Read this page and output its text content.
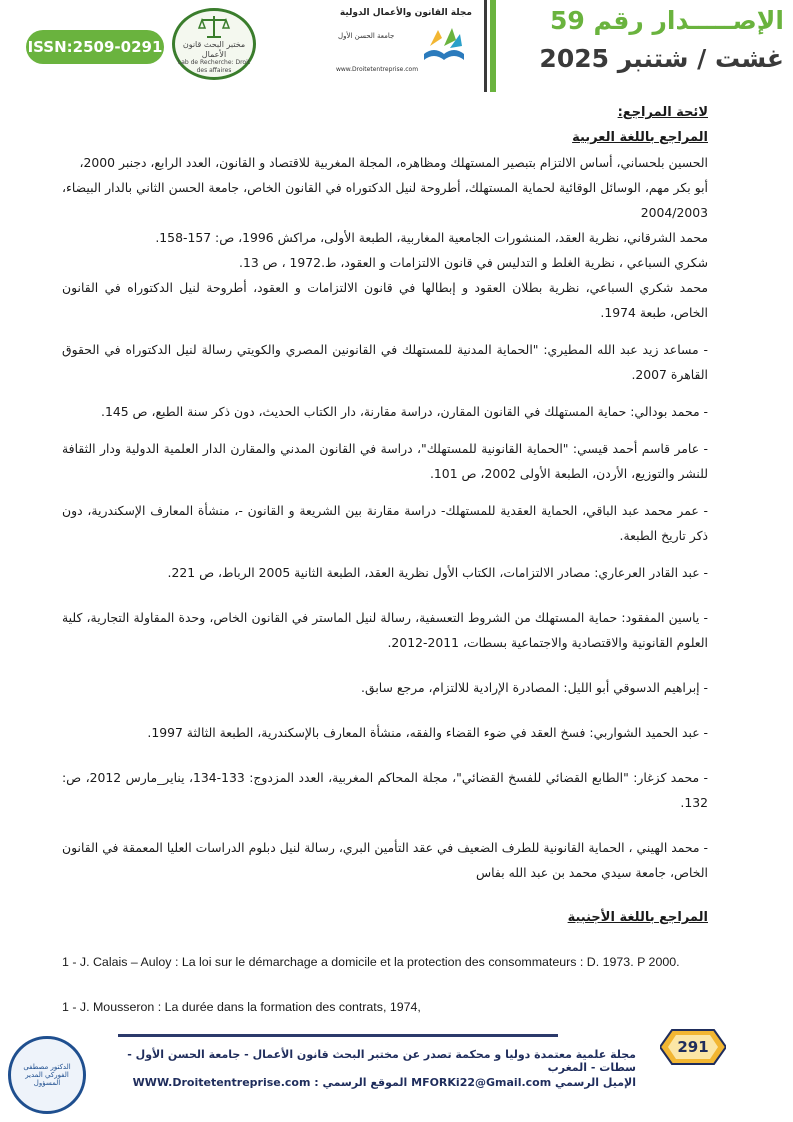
ISSN:2509-0291	مختبر البحث قانون الأعمال
Lab de Recherche: Droit des affaires
مجلة القانون والأعمال الدولية
جامعة الحسن الأول
www.Droitetentreprise.com
الإصـــــدار رقم 59
غشت / شتنبر 2025

لائحة المراجع:

المراجع باللغة العربية

الحسين بلحساني، أساس الالتزام بتبصير المستهلك ومظاهره، المجلة المغربية للاقتصاد و القانون، العدد الرابع، دجنبر 2000،

أبو بكر مهم، الوسائل الوقائية لحماية المستهلك، أطروحة لنيل الدكتوراه في القانون الخاص، جامعة الحسن الثاني بالدار البيضاء، 2004/2003

محمد الشرقاني، نظرية العقد، المنشورات الجامعية المغاربية، الطبعة الأولى، مراكش 1996، ص: 157-158.

شكري السباعي ، نظرية الغلط و التدليس في قانون الالتزامات و العقود، ط.1972 ، ص 13.

محمد شكري السباعي، نظرية بطلان العقود و إبطالها في قانون الالتزامات و العقود، أطروحة لنيل الدكتوراه في القانون الخاص، طبعة 1974.

- مساعد زيد عبد الله المطيري: "الحماية المدنية للمستهلك في القانونين المصري والكويتي رسالة لنيل الدكتوراه في الحقوق القاهرة 2007.

- محمد بودالي: حماية المستهلك في القانون المقارن، دراسة مقارنة، دار الكتاب الحديث، دون ذكر سنة الطبع، ص 145.

- عامر قاسم أحمد قيسي: "الحماية القانونية للمستهلك"، دراسة في القانون المدني والمقارن الدار العلمية الدولية ودار الثقافة للنشر والتوزيع، الأردن، الطبعة الأولى 2002، ص 101.

- عمر محمد عبد الباقي، الحماية العقدية للمستهلك- دراسة مقارنة بين الشريعة و القانون -، منشأة المعارف الإسكندرية، دون ذكر تاريخ الطبعة.

- عبد القادر العرعاري: مصادر الالتزامات، الكتاب الأول نظرية العقد، الطبعة الثانية 2005 الرباط، ص 221.

- ياسين المفقود: حماية المستهلك من الشروط التعسفية، رسالة لنيل الماستر في القانون الخاص، وحدة المقاولة التجارية، كلية العلوم القانونية والاقتصادية والاجتماعية بسطات، 2011-2012.

- إبراهيم الدسوقي أبو الليل: المصادرة الإرادية للالتزام، مرجع سابق.

- عبد الحميد الشواربي: فسخ العقد في ضوء القضاء والفقه، منشأة المعارف بالإسكندرية، الطبعة الثالثة 1997.

- محمد كزغار: "الطابع القضائي للفسخ القضائي"، مجلة المحاكم المغربية، العدد المزدوج: 133-134، يناير_مارس 2012، ص: 132.

- محمد الهيني ، الحماية القانونية للطرف الضعيف في عقد التأمين البري، رسالة لنيل دبلوم الدراسات العليا المعمقة في القانون الخاص، جامعة سيدي محمد بن عبد الله بفاس

المراجع باللغة الأجنبية

1 - J. Calais – Auloy : La loi sur le démarchage a domicile et la protection des consommateurs : D. 1973. P 2000.

1 - J. Mousseron : La durée dans la formation des contrats, 1974,

291
مجلة علمية معتمدة دوليا و محكمة تصدر عن مختبر البحث قانون الأعمال - جامعة الحسن الأول - سطات - المغرب
الإميل الرسمي MFORKi22@Gmail.com الموقع الرسمي : WWW.Droitetentreprise.com
الدكتور مصطفى الفوركي المدير المسؤول
